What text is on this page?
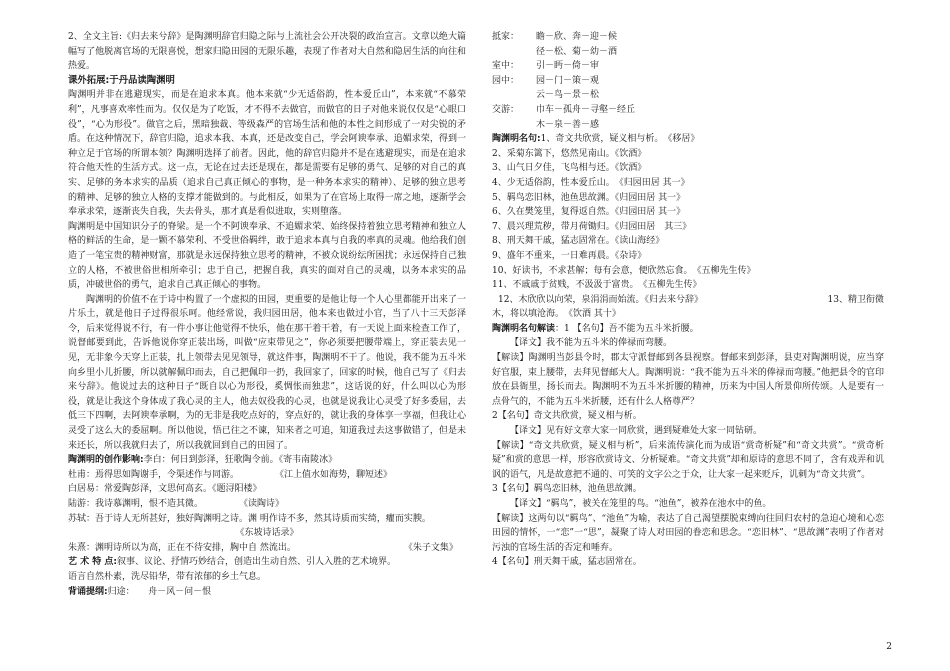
2、全文主旨:《归去来兮辞》是陶渊明辞官归隐之际与上流社会公开决裂的政治宣言。文章以绝大篇幅写了他脱离官场的无限喜悦，想家归隐田园的无限乐趣，表现了作者对大自然和隐居生活的向往和热爱。

课外拓展:于丹品读陶渊明

陶渊明并非在逃避现实，而是在追求本真。他本来就“少无适俗韵，性本爱丘山”，本来就“不慕荣利”，凡事喜欢率性而为。仅仅是为了吃饭，才不得不去做官，而做官的日子对他来说仅仅是“心眼口役”，“心为形役”。做官之后，黑暗独裁、等级森严的官场生活和他的本性之间形成了一对尖锐的矛盾。在这种情况下，辞官归隐，追求本我、本真，还是改变自己，学会阿谀奉承、追媚求荣，得到一种立足于官场的所谓本领？陶渊明选择了前者。因此，他的辞官归隐并不是在逃避现实，而是在追求符合他天性的生活方式。这一点，无论在过去还是现在，都是需要有足够的勇气、足够的对自己的真实、足够的务本求实的品质（追求自己真正倾心的事物，是一种务本求实的精神）、足够的独立思考的精神、足够的独立人格的支撑才能做到的。与此相反，如果为了在官场上取得一席之地，逐渐学会奉承求荣，逐渐丧失自我，失去骨头，那才真是看似进取，实则堕落。

陶渊明是中国知识分子的脊梁。是一个不阿谀奉承、不追媚求荣、始终保持着独立思考精神和独立人格的鲜活的生命，是一颗不慕荣利、不受世俗羁绊，敢于追求本真与自我的率真的灵魂。他给我们创造了一笔宝贵的精神财富，那就是永远保持独立思考的精神，不被众说纷纭所困扰；永远保持自己独立的人格，不被世俗世相所牵引；忠于自己，把握自我，真实的面对自己的灵魂，以务本求实的品质，冲破世俗的勇气，追求自己真正倾心的事物。

陶渊明的价值不在于诗中构置了一个虚拟的田园，更重要的是他让每一个人心里都能开出来了一片乐土，就是他日子过得很乐呵。他经常说，我归园田居，他本来也做过小官，当了八十三天彭泽令，后来觉得说不行，有一件小事让他觉得不快乐，他在那干着干着，有一天说上面来检查工作了，说督邮要到此，告诉他说你穿正装出场，叫做“应束带见之”，你必须要把腰带端上，穿正装去见一见，无非象今天穿上正装，扎上领带去见见领导，就这件事，陶渊明不干了。他说，我不能为五斗米向乡里小儿折腰，所以就解佩印而去，自己把佩印一扔，我回家了，回家的时候，他自己写了《归去来兮辞》。他说过去的这种日子“既自以心为形役，奚惆怅而独悲”，这话说的好，什么叫以心为形役，就是让我这个身体成了我心灵的主人，他去奴役我的心灵，也就是说我让心灵受了好多委屈，去低三下四啊，去阿谀奉承啊，为的无非是我吃点好的，穿点好的，就让我的身体享一享福，但我让心灵受了这么大的委屈啊。所以他说，悟已往之不谏，知来者之可追，知道我过去这事做错了，但是未来还长，所以我就归去了，所以我就回到自己的田园了。

陶渊明的创作影响:李白：何日到彭泽，狂歌陶令前。《寄韦南陵冰》

杜甫：焉得思如陶谢手，令渠述作与同游。	《江上值水如海势，聊短述》

白居易：常爱陶彭泽，文思何高玄。《题浔阳楼》

陆游：我诗慕渊明，恨不造其微。	《读陶诗》

苏轼：吾于诗人无所甚好，独好陶渊明之诗。渊 明作诗不多，然其诗质而实绮，癯而实腴。

《东坡诗话录》

朱熹：渊明诗所以为高，正在不待安排，胸中自 然流出。	《朱子文集》

艺 术 特 点:叙事、议论、抒情巧妙结合，创造出生动自然、引人入胜的艺术境界。

语言自然朴素，洗尽铅华，带有浓郁的乡土气息。

背诵提纲:归途：　　舟－风－问－恨

抵家：	瞻－欣、奔－迎－候
径－松、菊－幼－酒
室中：	引－眄－倚－审
园中：	园－门－策－观
云－鸟－景－松
交游：	巾车－孤舟－寻壑－经丘
木－泉－善－感

陶渊明名句:1、奇文共欣赏，疑义相与析。　《移居》

2、采菊东篱下，悠然见南山。《饮酒》

3、山气日夕佳，飞鸟相与还。《饮酒》

4、少无适俗韵，性本爱丘山。　《归园田居 其一》

5、羁鸟恋旧林，池鱼思故渊。《归园田居 其一》

6、久在樊笼里，复得返自然。《归园田居 其一》

7、晨兴理荒秽，带月荷锄归。《归园田居　其三》

8、刑天舞干戚，猛志固常在。《读山海经》

9、盛年不重来，一日难再晨。《杂诗》

10、好读书，不求甚解；每有会意，便欣然忘食。　《五柳先生传》

11、不戚戚于贫贱，不汲汲于富贵。　《五柳先生传》

12、木欣欣以向荣，泉涓涓而始流。《归去来兮辞》	13、精卫衔微

木，将以填沧海。　《饮酒 其十》

陶渊明名句解读：1 【名句】吾不能为五斗米折腰。

【译文】我不能为五斗米的俸禄而弯腰。

【解读】陶渊明当彭县令时，郡太守派督邮到各县视察。督邮来到彭泽，县吏对陶渊明说，应当穿好官服，束上腰带，去拜见督邮大人。陶渊明说：“我不能为五斗米的俸禄而弯腰。”他把县令的官印放在县衙里，扬长而去。陶渊明不为五斗米折腰的精神，历来为中国人所景仰所传颂。人是要有一点骨气的，不能为五斗米折腰，还有什么人格尊严？

2【名句】奇文共欣赏，疑义相与析。

【译文】见有好文章大家一同欣赏，遇到疑难处大家一同钻研。

【解读】“奇文共欣赏，疑义相与析”，后来流传演化而为成语“赏奇析疑”和“奇文共赏”。“赏奇析疑”和赏的意思一样，形容欣赏诗文、分析疑难。“奇文共赏”却和原诗的意思不同了，含有戏弄和讥讽的语气，凡是故意把不通的、可笑的文字公之于众，让大家一起来贬斥，讥刺为“奇文共赏”。

3【名句】羁鸟恋旧林，池鱼思故渊。

【译文】“羁鸟”，被关在笼里的鸟。“池鱼”，被养在池水中的鱼。

【解读】这两句以“羁鸟”、“池鱼”为喻，表达了自己渴望摆脱束缚向往回归农村的急迫心境和心恋田园的情怀，一“恋”一“思”，凝聚了诗人对田园的眷恋和思念。“恋旧林”、“思故渊”表明了作者对污浊的官场生活的否定和唾弃。

4【名句】刑天舞干戚，猛志固常在。

2
